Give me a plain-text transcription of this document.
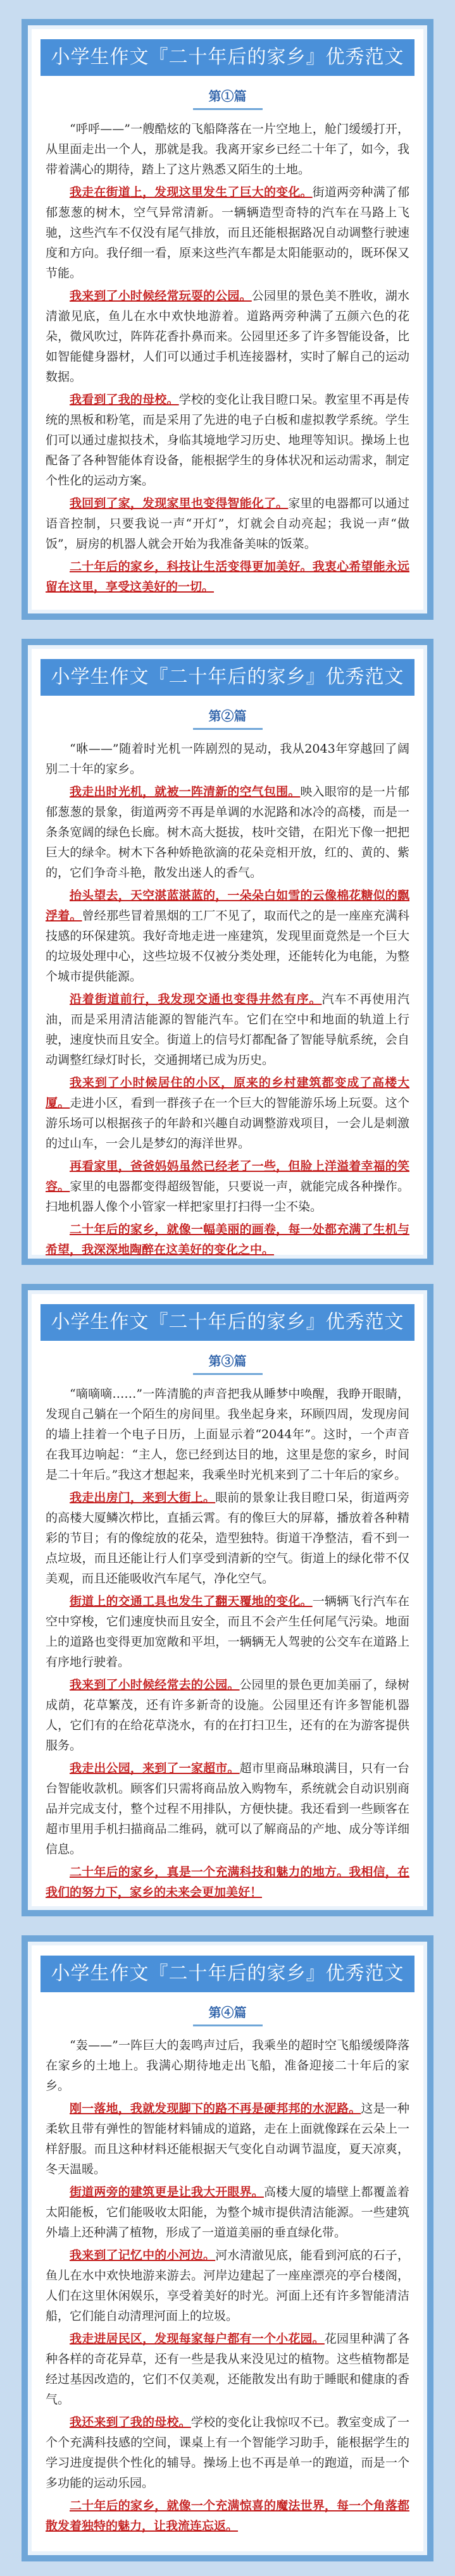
小学生作文『二十年后的家乡』优秀范文
第①篇

“呼呼——”一艘酷炫的飞船降落在一片空地上，舱门缓缓打开，从里面走出一个人，那就是我。我离开家乡已经二十年了，如今，我带着满心的期待，踏上了这片熟悉又陌生的土地。

我走在街道上，发现这里发生了巨大的变化。街道两旁种满了郁郁葱葱的树木，空气异常清新。一辆辆造型奇特的汽车在马路上飞驰，这些汽车不仅没有尾气排放，而且还能根据路况自动调整行驶速度和方向。我仔细一看，原来这些汽车都是太阳能驱动的，既环保又节能。

我来到了小时候经常玩耍的公园。公园里的景色美不胜收，湖水清澈见底，鱼儿在水中欢快地游着。道路两旁种满了五颜六色的花朵，微风吹过，阵阵花香扑鼻而来。公园里还多了许多智能设备，比如智能健身器材，人们可以通过手机连接器材，实时了解自己的运动数据。

我看到了我的母校。学校的变化让我目瞪口呆。教室里不再是传统的黑板和粉笔，而是采用了先进的电子白板和虚拟教学系统。学生们可以通过虚拟技术，身临其境地学习历史、地理等知识。操场上也配备了各种智能体育设备，能根据学生的身体状况和运动需求，制定个性化的运动方案。

我回到了家，发现家里也变得智能化了。家里的电器都可以通过语音控制，只要我说一声“开灯”，灯就会自动亮起；我说一声“做饭”，厨房的机器人就会开始为我准备美味的饭菜。

二十年后的家乡，科技让生活变得更加美好。我衷心希望能永远留在这里，享受这美好的一切。

小学生作文『二十年后的家乡』优秀范文
第②篇

“咻——”随着时光机一阵剧烈的晃动，我从2043年穿越回了阔别二十年的家乡。

我走出时光机，就被一阵清新的空气包围。映入眼帘的是一片郁郁葱葱的景象，街道两旁不再是单调的水泥路和冰冷的高楼，而是一条条宽阔的绿色长廊。树木高大挺拔，枝叶交错，在阳光下像一把把巨大的绿伞。树木下各种娇艳欲滴的花朵竞相开放，红的、黄的、紫的，它们争奇斗艳，散发出迷人的香气。

抬头望去，天空湛蓝湛蓝的，一朵朵白如雪的云像棉花糖似的飘浮着。曾经那些冒着黑烟的工厂不见了，取而代之的是一座座充满科技感的环保建筑。我好奇地走进一座建筑，发现里面竟然是一个巨大的垃圾处理中心，这些垃圾不仅被分类处理，还能转化为电能，为整个城市提供能源。

沿着街道前行，我发现交通也变得井然有序。汽车不再使用汽油，而是采用清洁能源的智能汽车。它们在空中和地面的轨道上行驶，速度快而且安全。街道上的信号灯都配备了智能导航系统，会自动调整红绿灯时长，交通拥堵已成为历史。

我来到了小时候居住的小区，原来的乡村建筑都变成了高楼大厦。走进小区，看到一群孩子在一个巨大的智能游乐场上玩耍。这个游乐场可以根据孩子的年龄和兴趣自动调整游戏项目，一会儿是刺激的过山车，一会儿是梦幻的海洋世界。

再看家里，爸爸妈妈虽然已经老了一些，但脸上洋溢着幸福的笑容。家里的电器都变得超级智能，只要说一声，就能完成各种操作。扫地机器人像个小管家一样把家里打扫得一尘不染。

二十年后的家乡，就像一幅美丽的画卷，每一处都充满了生机与希望，我深深地陶醉在这美好的变化之中。

小学生作文『二十年后的家乡』优秀范文
第③篇

“嘀嘀嘀……”一阵清脆的声音把我从睡梦中唤醒，我睁开眼睛，发现自己躺在一个陌生的房间里。我坐起身来，环顾四周，发现房间的墙上挂着一个电子日历，上面显示着“2044年”。这时，一个声音在我耳边响起：“主人，您已经到达目的地，这里是您的家乡，时间是二十年后。”我这才想起来，我乘坐时光机来到了二十年后的家乡。

我走出房门，来到大街上。眼前的景象让我目瞪口呆，街道两旁的高楼大厦鳞次栉比，直插云霄。有的像巨大的屏幕，播放着各种精彩的节目；有的像绽放的花朵，造型独特。街道干净整洁，看不到一点垃圾，而且还能让行人们享受到清新的空气。街道上的绿化带不仅美观，而且还能吸收汽车尾气，净化空气。

街道上的交通工具也发生了翻天覆地的变化。一辆辆飞行汽车在空中穿梭，它们速度快而且安全，而且不会产生任何尾气污染。地面上的道路也变得更加宽敞和平坦，一辆辆无人驾驶的公交车在道路上有序地行驶着。

我来到了小时候经常去的公园。公园里的景色更加美丽了，绿树成荫，花草繁茂，还有许多新奇的设施。公园里还有许多智能机器人，它们有的在给花草浇水，有的在打扫卫生，还有的在为游客提供服务。

我走出公园，来到了一家超市。超市里商品琳琅满目，只有一台台智能收款机。顾客们只需将商品放入购物车，系统就会自动识别商品并完成支付，整个过程不用排队，方便快捷。我还看到一些顾客在超市里用手机扫描商品二维码，就可以了解商品的产地、成分等详细信息。

二十年后的家乡，真是一个充满科技和魅力的地方。我相信，在我们的努力下，家乡的未来会更加美好！

小学生作文『二十年后的家乡』优秀范文
第④篇

“轰——”一阵巨大的轰鸣声过后，我乘坐的超时空飞船缓缓降落在家乡的土地上。我满心期待地走出飞船，准备迎接二十年后的家乡。

刚一落地，我就发现脚下的路不再是硬邦邦的水泥路。这是一种柔软且带有弹性的智能材料铺成的道路，走在上面就像踩在云朵上一样舒服。而且这种材料还能根据天气变化自动调节温度，夏天凉爽，冬天温暖。

街道两旁的建筑更是让我大开眼界。高楼大厦的墙壁上都覆盖着太阳能板，它们能吸收太阳能，为整个城市提供清洁能源。一些建筑外墙上还种满了植物，形成了一道道美丽的垂直绿化带。

我来到了记忆中的小河边。河水清澈见底，能看到河底的石子，鱼儿在水中欢快地游来游去。河岸边建起了一座座漂亮的亭台楼阁，人们在这里休闲娱乐，享受着美好的时光。河面上还有许多智能清洁船，它们能自动清理河面上的垃圾。

我走进居民区，发现每家每户都有一个小花园。花园里种满了各种各样的奇花异草，还有一些是我从来没见过的植物。这些植物都是经过基因改造的，它们不仅美观，还能散发出有助于睡眠和健康的香气。

我还来到了我的母校。学校的变化让我惊叹不已。教室变成了一个个充满科技感的空间，课桌上有一个智能学习助手，能根据学生的学习进度提供个性化的辅导。操场上也不再是单一的跑道，而是一个多功能的运动乐园。

二十年后的家乡，就像一个充满惊喜的魔法世界，每一个角落都散发着独特的魅力，让我流连忘返。
